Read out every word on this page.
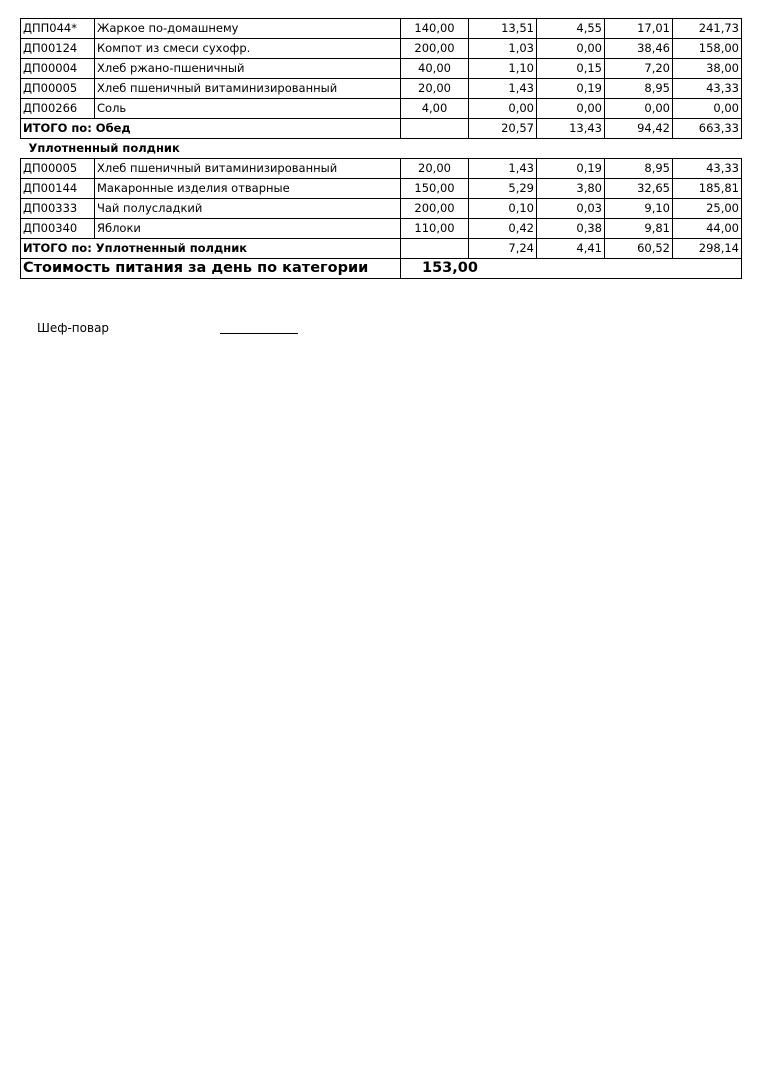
ДПП044*	Жаркое по-домашнему	140,00	13,51	4,55	17,01	241,73
ДП00124	Компот из смеси сухофр.	200,00	1,03	0,00	38,46	158,00
ДП00004	Хлеб ржано-пшеничный	40,00	1,10	0,15	7,20	38,00
ДП00005	Хлеб пшеничный витаминизированный	20,00	1,43	0,19	8,95	43,33
ДП00266	Соль	4,00	0,00	0,00	0,00	0,00
ИТОГО по: Обед			20,57	13,43	94,42	663,33
Уплотненный полдник						
ДП00005	Хлеб пшеничный витаминизированный	20,00	1,43	0,19	8,95	43,33
ДП00144	Макаронные изделия отварные	150,00	5,29	3,80	32,65	185,81
ДП00333	Чай полусладкий	200,00	0,10	0,03	9,10	25,00
ДП00340	Яблоки	110,00	0,42	0,38	9,81	44,00
ИТОГО по: Уплотненный полдник			7,24	4,41	60,52	298,14
Стоимость питания за день по категории		153,00				
Шеф-повар
